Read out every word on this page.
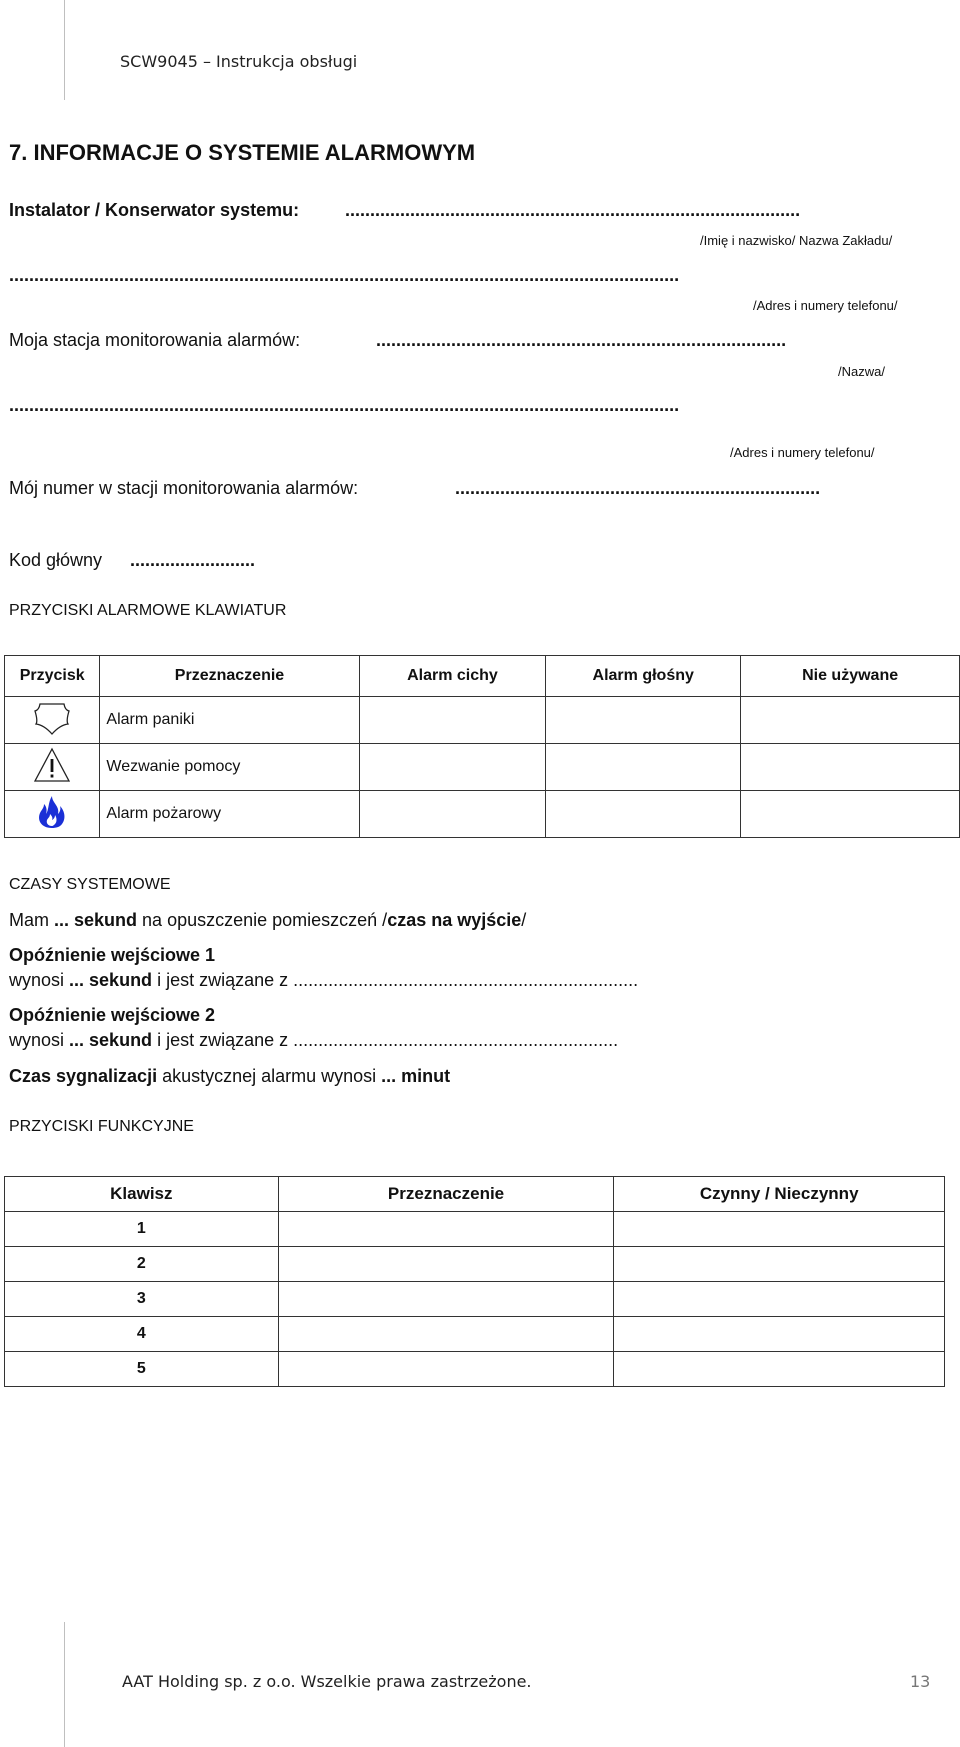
SCW9045 – Instrukcja obsługi
7. INFORMACJE O SYSTEMIE ALARMOWYM
Instalator / Konserwator systemu:	...........................................................................................
/Imię i nazwisko/ Nazwa Zakładu/
......................................................................................................................................
/Adres i numery telefonu/
Moja stacja monitorowania alarmów:	..................................................................................
/Nazwa/
......................................................................................................................................
/Adres i numery telefonu/
Mój numer w stacji monitorowania alarmów:	.........................................................................
Kod główny .........................
PRZYCISKI ALARMOWE KLAWIATUR
Przycisk	Przeznaczenie	Alarm cichy	Alarm głośny	Nie używane
	Alarm paniki			
	Wezwanie pomocy			
	Alarm pożarowy			
CZASY SYSTEMOWE
Mam ... sekund na opuszczenie pomieszczeń /czas na wyjście/
Opóźnienie wejściowe 1
wynosi ... sekund i jest związane z .....................................................................
Opóźnienie wejściowe 2
wynosi ... sekund i jest związane z .................................................................
Czas sygnalizacji akustycznej alarmu wynosi ... minut
PRZYCISKI FUNKCYJNE
Klawisz	Przeznaczenie	Czynny / Nieczynny
1		
2		
3		
4		
5		
AAT Holding sp. z o.o. Wszelkie prawa zastrzeżone.	13
